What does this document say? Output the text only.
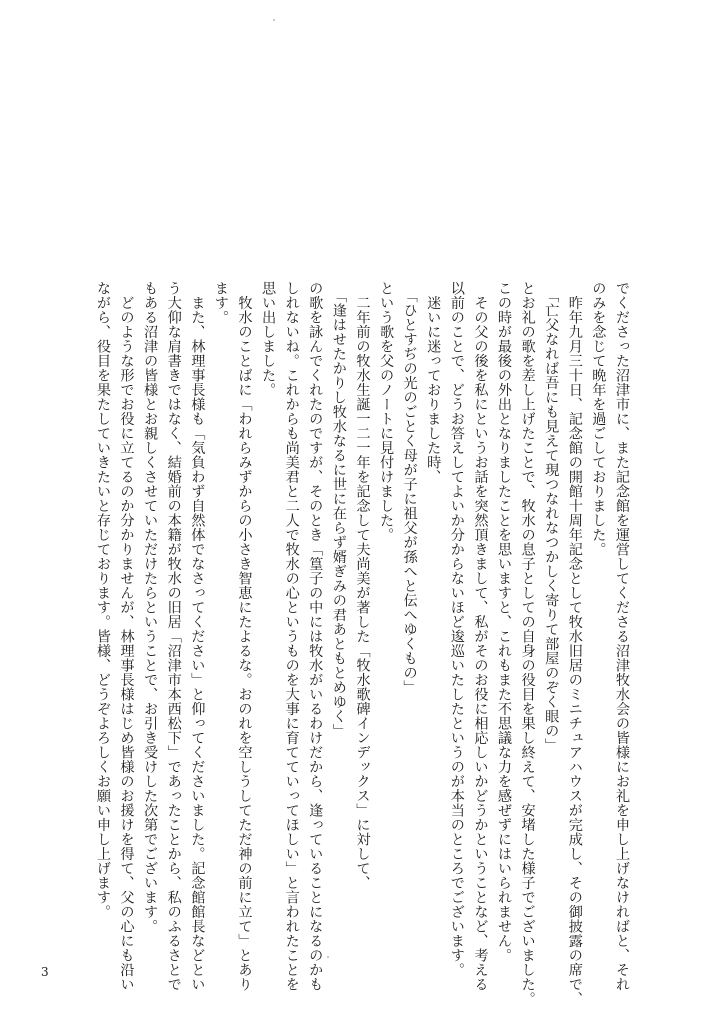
でくださった沼津市に、また記念館を運営してくださる沼津牧水会の皆様にお礼を申し上げなければと、それ
のみを念じて晩年を過ごしておりました。
　昨年九月三十日、記念館の開館十周年記念として牧水旧居のミニチュアハウスが完成し、その御披露の席で、
　「亡父なれば吾にも見えて現つなれなつかしく寄りて部屋のぞく眼の」
とお礼の歌を差し上げたことで、牧水の息子としての自身の役目を果し終えて、安堵した様子でございました。
この時が最後の外出となりましたことを思いますと、これもまた不思議な力を感ぜずにはいられません。
　その父の後を私にというお話を突然頂きまして、私がそのお役に相応しいかどうかということなど、考える
以前のことで、どうお答えしてよいか分からないほど逡巡いたしたというのが本当のところでございます。
　迷いに迷っておりました時、
　「ひとすぢの光のごとく母が子に祖父が孫へと伝へゆくもの」
という歌を父のノートに見付けました。
　二年前の牧水生誕一二一年を記念して夫尚美が著した「牧水歌碑インデックス」に対して、
　「逢はせたかりし牧水なるに世に在らず婿ぎみの君あともとめゆく」
の歌を詠んでくれたのですが、そのとき「篁子の中には牧水がいるわけだから、逢っていることになるのかも
しれないね。これからも尚美君と二人で牧水の心というものを大事に育てていってほしい」と言われたことを
思い出しました。
　牧水のことばに「われらみずからの小さき智恵にたよるな。おのれを空しうしてただ神の前に立て」とあり
ます。
　また、林理事長様も「気負わず自然体でなさってください」と仰ってくださいました。記念館館長などとい
う大仰な肩書きではなく、結婚前の本籍が牧水の旧居「沼津市本西松下」であったことから、私のふるさとで
もある沼津の皆様とお親しくさせていただけたらということで、お引き受けした次第でございます。
　どのような形でお役に立てるのか分かりませんが、林理事長様はじめ皆様のお援けを得て、父の心にも沿い
ながら、役目を果たしていきたいと存じております。皆様、どうぞよろしくお願い申し上げます。
3
